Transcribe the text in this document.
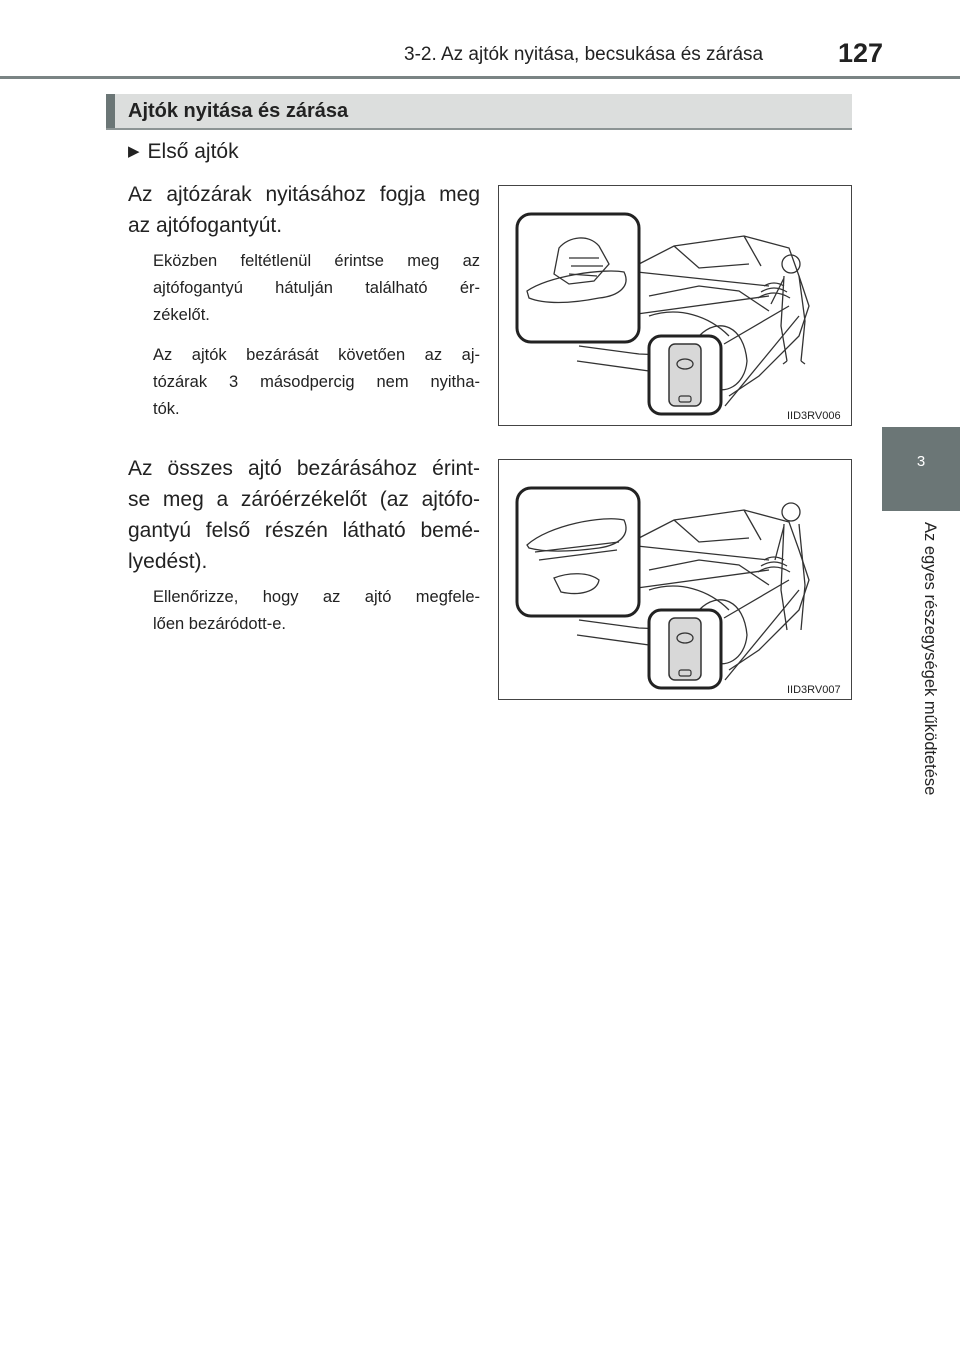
3-2. Az ajtók nyitása, becsukása és zárása	127
Ajtók nyitása és zárása
▶ Első ajtók
Az ajtózárak nyitásához fogja meg
az ajtófogantyút.
Eközben feltétlenül érintse meg az
ajtófogantyú hátulján található ér-
zékelőt.
Az ajtók bezárását követően az aj-
tózárak 3 másodpercig nem nyitha-
tók.
Az összes ajtó bezárásához érint-
se meg a záróérzékelőt (az ajtófo-
gantyú felső részén látható bemé-
lyedést).
Ellenőrizze, hogy az ajtó megfele-
lően bezáródott-e.
IID3RV006
IID3RV007
3
Az egyes részegységek működtetése
